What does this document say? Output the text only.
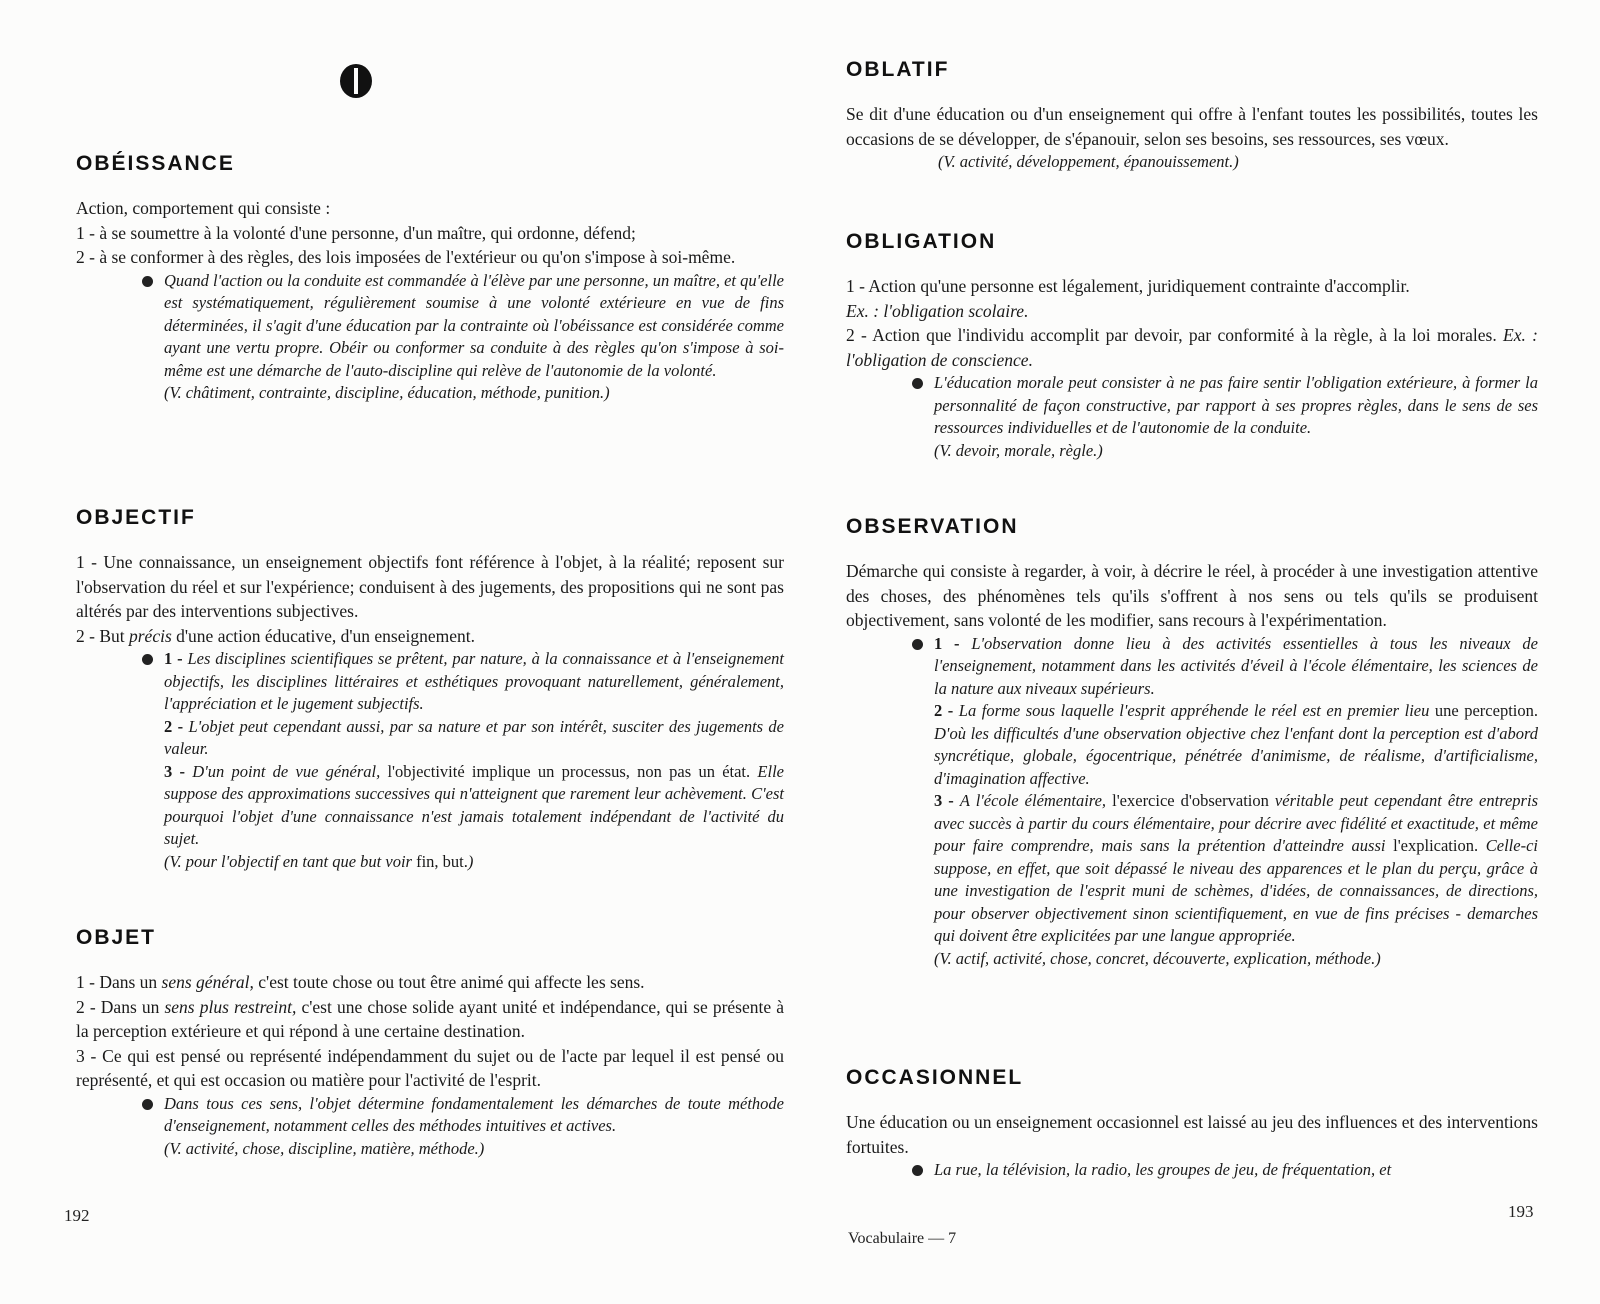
OBÉISSANCE

Action, comportement qui consiste :

1 - à se soumettre à la volonté d'une personne, d'un maître, qui ordonne, défend;

2 - à se conformer à des règles, des lois imposées de l'extérieur ou qu'on s'impose à soi-même.

Quand l'action ou la conduite est commandée à l'élève par une personne, un maître, et qu'elle est systématiquement, régulièrement soumise à une volonté extérieure en vue de fins déterminées, il s'agit d'une éducation par la contrainte où l'obéissance est considérée comme ayant une vertu propre. Obéir ou conformer sa conduite à des règles qu'on s'impose à soi-même est une démarche de l'auto-discipline qui relève de l'autonomie de la volonté.
(V. châtiment, contrainte, discipline, éducation, méthode, punition.)
OBJECTIF

1 - Une connaissance, un enseignement objectifs font référence à l'objet, à la réalité; reposent sur l'observation du réel et sur l'expérience; conduisent à des jugements, des propositions qui ne sont pas altérés par des interventions subjectives.

2 - But précis d'une action éducative, d'un enseignement.

1 - Les disciplines scientifiques se prêtent, par nature, à la connaissance et à l'enseignement objectifs, les disciplines littéraires et esthétiques provoquant naturellement, généralement, l'appréciation et le jugement subjectifs.
2 - L'objet peut cependant aussi, par sa nature et par son intérêt, susciter des jugements de valeur.
3 - D'un point de vue général, l'objectivité implique un processus, non pas un état. Elle suppose des approximations successives qui n'atteignent que rarement leur achèvement. C'est pourquoi l'objet d'une connaissance n'est jamais totalement indépendant de l'activité du sujet.
(V. pour l'objectif en tant que but voir fin, but.)
OBJET

1 - Dans un sens général, c'est toute chose ou tout être animé qui affecte les sens.

2 - Dans un sens plus restreint, c'est une chose solide ayant unité et indépendance, qui se présente à la perception extérieure et qui répond à une certaine destination.

3 - Ce qui est pensé ou représenté indépendamment du sujet ou de l'acte par lequel il est pensé ou représenté, et qui est occasion ou matière pour l'activité de l'esprit.

Dans tous ces sens, l'objet détermine fondamentalement les démarches de toute méthode d'enseignement, notamment celles des méthodes intuitives et actives.
(V. activité, chose, discipline, matière, méthode.)
192
OBLATIF

Se dit d'une éducation ou d'un enseignement qui offre à l'enfant toutes les possibilités, toutes les occasions de se développer, de s'épanouir, selon ses besoins, ses ressources, ses vœux.

(V. activité, développement, épanouissement.)
OBLIGATION

1 - Action qu'une personne est légalement, juridiquement contrainte d'accomplir.

Ex. : l'obligation scolaire.

2 - Action que l'individu accomplit par devoir, par conformité à la règle, à la loi morales. Ex. : l'obligation de conscience.

L'éducation morale peut consister à ne pas faire sentir l'obligation extérieure, à former la personnalité de façon constructive, par rapport à ses propres règles, dans le sens de ses ressources individuelles et de l'autonomie de la conduite.
(V. devoir, morale, règle.)
OBSERVATION

Démarche qui consiste à regarder, à voir, à décrire le réel, à procéder à une investigation attentive des choses, des phénomènes tels qu'ils s'offrent à nos sens ou tels qu'ils se produisent objectivement, sans volonté de les modifier, sans recours à l'expérimentation.

1 - L'observation donne lieu à des activités essentielles à tous les niveaux de l'enseignement, notamment dans les activités d'éveil à l'école élémentaire, les sciences de la nature aux niveaux supérieurs.
2 - La forme sous laquelle l'esprit appréhende le réel est en premier lieu une perception. D'où les difficultés d'une observation objective chez l'enfant dont la perception est d'abord syncrétique, globale, égocentrique, pénétrée d'animisme, de réalisme, d'artificialisme, d'imagination affective.
3 - A l'école élémentaire, l'exercice d'observation véritable peut cependant être entrepris avec succès à partir du cours élémentaire, pour décrire avec fidélité et exactitude, et même pour faire comprendre, mais sans la prétention d'atteindre aussi l'explication. Celle-ci suppose, en effet, que soit dépassé le niveau des apparences et le plan du perçu, grâce à une investigation de l'esprit muni de schèmes, d'idées, de connaissances, de directions, pour observer objectivement sinon scientifiquement, en vue de fins précises - demarches qui doivent être explicitées par une langue appropriée.
(V. actif, activité, chose, concret, découverte, explication, méthode.)
OCCASIONNEL

Une éducation ou un enseignement occasionnel est laissé au jeu des influences et des interventions fortuites.

La rue, la télévision, la radio, les groupes de jeu, de fréquentation, et
193
Vocabulaire — 7
